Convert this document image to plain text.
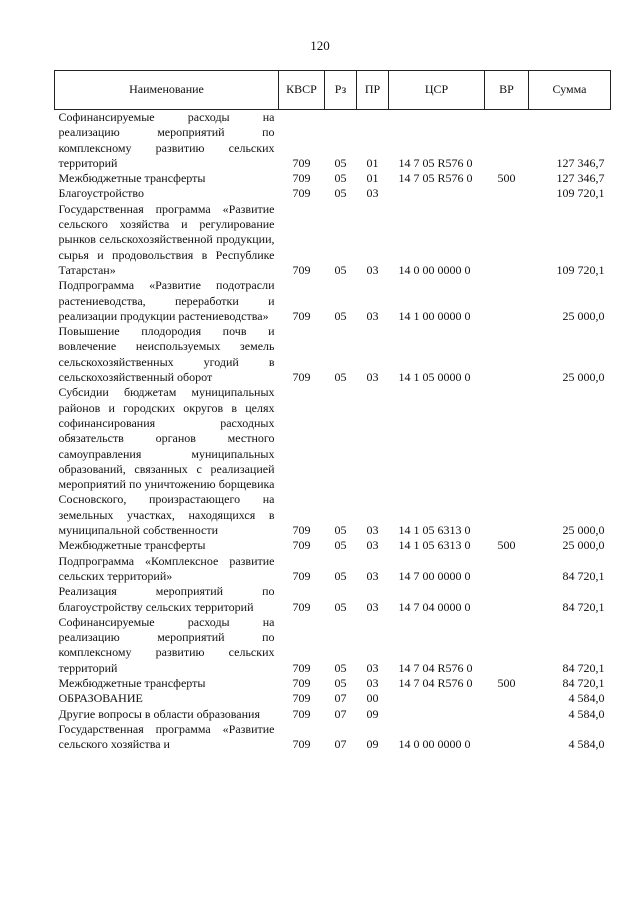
120
Наименование	КВСР	Рз	ПР	ЦСР	ВР	Сумма
Софинансируемые расходы на реализацию мероприятий по комплексному развитию сельских территорий	709	05	01	14 7 05 R576 0		127 346,7
Межбюджетные трансферты	709	05	01	14 7 05 R576 0	500	127 346,7
Благоустройство	709	05	03			109 720,1
Государственная программа «Развитие сельского хозяйства и регулирование рынков сельскохозяйственной продукции, сырья и продовольствия в Республике Татарстан»	709	05	03	14 0 00 0000 0		109 720,1
Подпрограмма «Развитие подотрасли растениеводства, переработки и реализации продукции растениеводства»	709	05	03	14 1 00 0000 0		25 000,0
Повышение плодородия почв и вовлечение неиспользуемых земель сельскохозяйственных угодий в сельскохозяйственный оборот	709	05	03	14 1 05 0000 0		25 000,0
Субсидии бюджетам муниципальных районов и городских округов в целях софинансирования расходных обязательств органов местного самоуправления муниципальных образований, связанных с реализацией мероприятий по уничтожению борщевика Сосновского, произрастающего на земельных участках, находящихся в муниципальной собственности	709	05	03	14 1 05 6313 0		25 000,0
Межбюджетные трансферты	709	05	03	14 1 05 6313 0	500	25 000,0
Подпрограмма «Комплексное развитие сельских территорий»	709	05	03	14 7 00 0000 0		84 720,1
Реализация мероприятий по благоустройству сельских территорий	709	05	03	14 7 04 0000 0		84 720,1
Софинансируемые расходы на реализацию мероприятий по комплексному развитию сельских территорий	709	05	03	14 7 04 R576 0		84 720,1
Межбюджетные трансферты	709	05	03	14 7 04 R576 0	500	84 720,1
ОБРАЗОВАНИЕ	709	07	00			4 584,0
Другие вопросы в области образования	709	07	09			4 584,0
Государственная программа «Развитие сельского хозяйства и	709	07	09	14 0 00 0000 0		4 584,0
